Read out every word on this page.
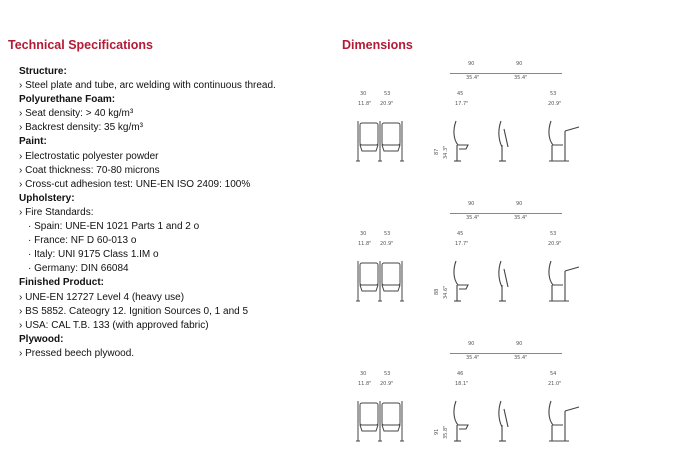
Technical Specifications	Dimensions
Structure:
› Steel plate and tube, arc welding with continuous thread.
Polyurethane Foam:
› Seat density: > 40 kg/m³
› Backrest density: 35 kg/m³
Paint:
› Electrostatic polyester powder
› Coat thickness: 70-80 microns
› Cross-cut adhesion test: UNE-EN ISO 2409: 100%
Upholstery:
› Fire Standards:
· Spain: UNE-EN 1021 Parts 1 and 2 o
· France: NF D 60-013 o
· Italy: UNI 9175 Class 1.IM o
· Germany: DIN 66084
Finished Product:
› UNE-EN 12727 Level 4 (heavy use)
› BS 5852. Cateogry 12. Ignition Sources 0, 1 and 5
› USA: CAL T.B. 133 (with approved fabric)
Plywood:
› Pressed beech plywood.
90	90
35.4"	35.4"
30	53
11.8" 20.9"
45
17.7"
53
20.9"
87 34.3"
90	90
35.4"	35.4"
30	53
11.8" 20.9"
45
17.7"
53
20.9"
88 34.6"
90	90
35.4"	35.4"
30	53
11.8" 20.9"
46
18.1"
54
21.0"
91 35.8"
